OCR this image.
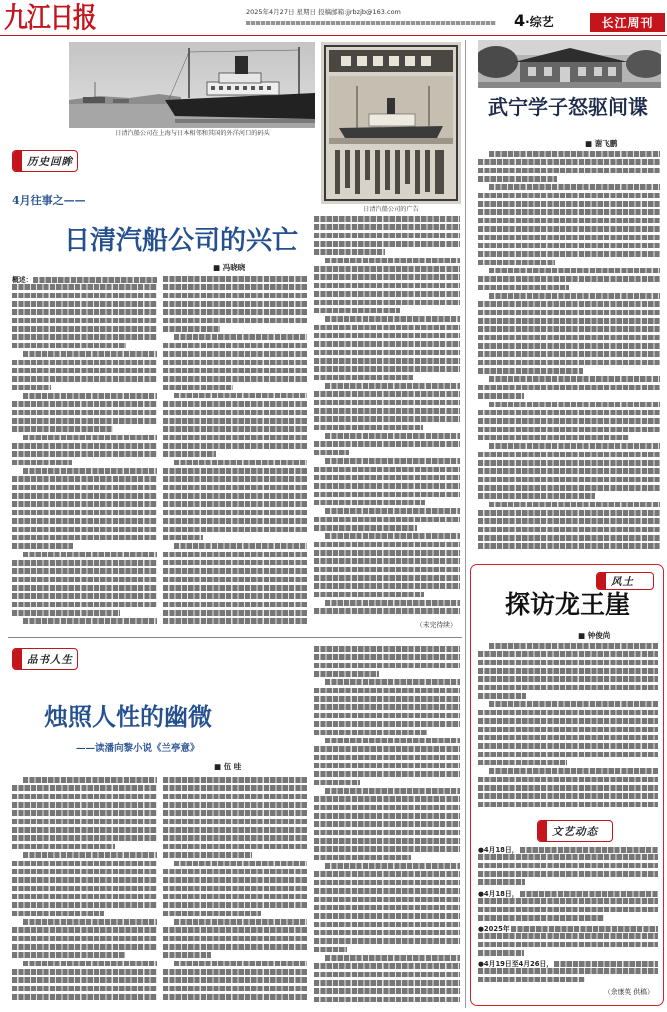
九江日报	2025年4月27日 星期日 投稿邮箱:jjrbzjb@163.com	4·综艺	长江周刊
日清汽船公司在上海与日本相邻和其国的外洋河口的码头
日清汽船公司的广告
历史回眸
4月往事之——
日清汽船公司的兴亡
■ 冯晓晓
概述：
（未完待续）
品书人生
烛照人性的幽微
——读潘向黎小说《兰亭意》
■ 伍 哇
武宁学子怒驱间谍
■ 谢飞鹏
风土
探访龙王崖
■ 钟俊尚
文艺动态
●4月18日，
●4月18日，
●2025年
●4月19日至4月26日，
（余康英 供稿）
